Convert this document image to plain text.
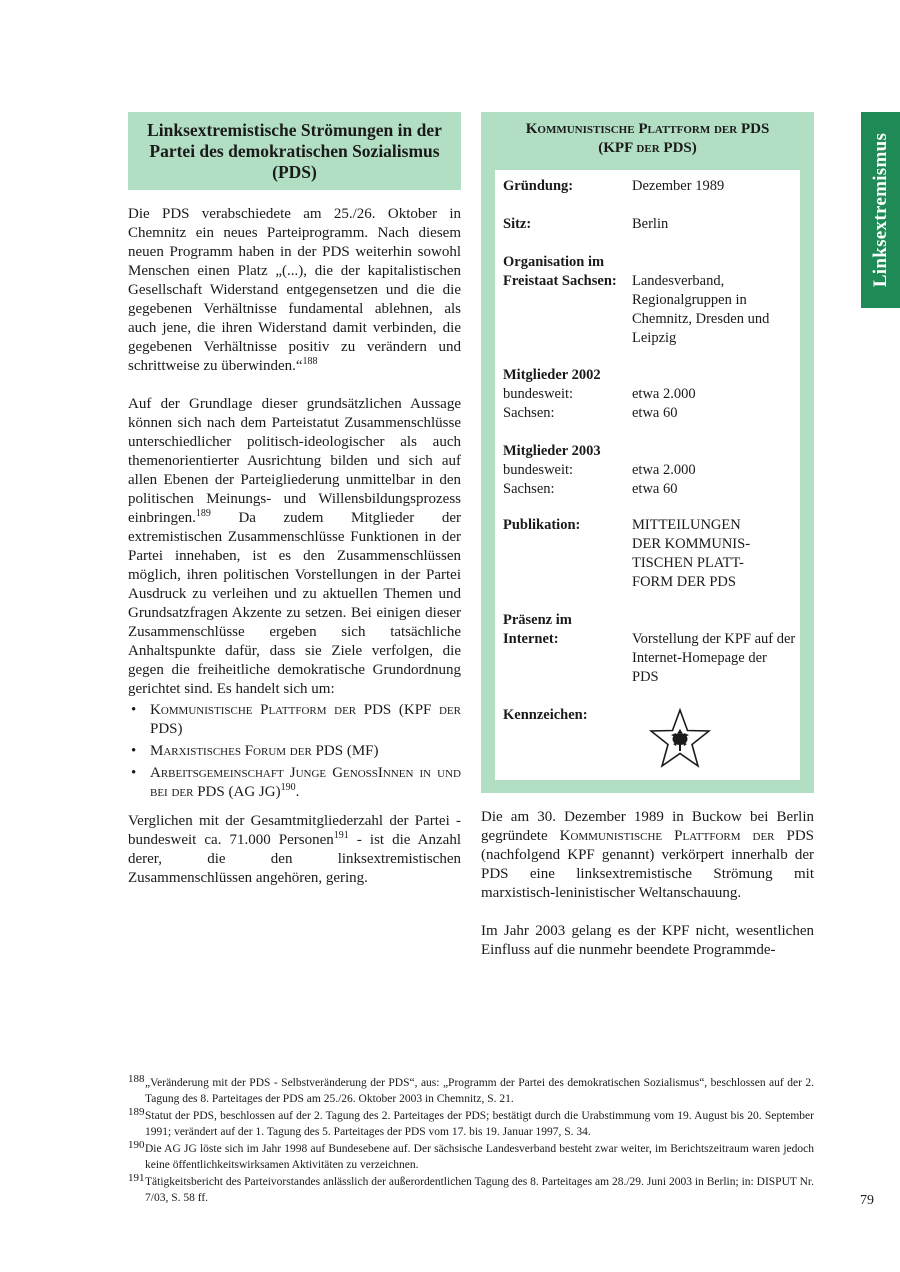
Linksextremistische Strömungen in der Partei des demokratischen Sozialismus (PDS)

Die PDS verabschiedete am 25./26. Oktober in Chemnitz ein neues Parteiprogramm. Nach diesem neuen Programm haben in der PDS weiterhin sowohl Menschen einen Platz „(...), die der kapitalistischen Gesellschaft Widerstand entgegensetzen und die die gegebenen Verhältnisse fundamental ablehnen, als auch jene, die ihren Widerstand damit verbinden, die gegebenen Verhältnisse positiv zu verändern und schrittweise zu überwinden.“$^{188}$

Auf der Grundlage dieser grundsätzlichen Aussage können sich nach dem Parteistatut Zusammenschlüsse unterschiedlicher politisch-ideologischer als auch themenorientierter Ausrichtung bilden und sich auf allen Ebenen der Parteigliederung unmittelbar in den politischen Meinungs- und Willensbildungsprozess einbringen.$^{189}$ Da zudem Mitglieder der extremistischen Zusammenschlüsse Funktionen in der Partei innehaben, ist es den Zusammenschlüssen möglich, ihren politischen Vorstellungen in der Partei Ausdruck zu verleihen und zu aktuellen Themen und Grundsatzfragen Akzente zu setzen. Bei einigen dieser Zusammenschlüsse ergeben sich tatsächliche Anhaltspunkte dafür, dass sie Ziele verfolgen, die gegen die freiheitliche demokratische Grundordnung gerichtet sind. Es handelt sich um:

• Kommunistische Plattform der PDS (KPF der PDS)
• Marxistisches Forum der PDS (MF)
• Arbeitsgemeinschaft Junge GenossInnen in und bei der PDS (AG JG)$^{190}$.

Verglichen mit der Gesamtmitgliederzahl der Partei - bundesweit ca. 71.000 Personen$^{191}$ - ist die Anzahl derer, die den linksextremistischen Zusammenschlüssen angehören, gering.

Kommunistische Plattform der PDS
(KPF der PDS)
Gründung:	Dezember 1989
Sitz:	Berlin
Organisation im Freistaat Sachsen:	Landesverband, Regionalgruppen in Chemnitz, Dresden und Leipzig
Mitglieder 2002
bundesweit:	etwa 2.000
Sachsen:	etwa 60
Mitglieder 2003
bundesweit:	etwa 2.000
Sachsen:	etwa 60
Publikation:	MITTEILUNGEN DER KOMMUNIS-TISCHEN PLATT-FORM DER PDS
Präsenz im Internet:	Vorstellung der KPF auf der Internet-Homepage der PDS
Kennzeichen:

Die am 30. Dezember 1989 in Buckow bei Berlin gegründete Kommunistische Plattform der PDS (nachfolgend KPF genannt) verkörpert innerhalb der PDS eine linksextremistische Strömung mit marxistisch-leninistischer Weltanschauung.

Im Jahr 2003 gelang es der KPF nicht, wesentlichen Einfluss auf die nunmehr beendete Programmde-

Linksextremismus
188 „Veränderung mit der PDS - Selbstveränderung der PDS“, aus: „Programm der Partei des demokratischen Sozialismus“, beschlossen auf der 2. Tagung des 8. Parteitages der PDS am 25./26. Oktober 2003 in Chemnitz, S. 21.
189 Statut der PDS, beschlossen auf der 2. Tagung des 2. Parteitages der PDS; bestätigt durch die Urabstimmung vom 19. August bis 20. September 1991; verändert auf der 1. Tagung des 5. Parteitages der PDS vom 17. bis 19. Januar 1997, S. 34.
190 Die AG JG löste sich im Jahr 1998 auf Bundesebene auf. Der sächsische Landesverband besteht zwar weiter, im Berichtszeitraum waren jedoch keine öffentlichkeitswirksamen Aktivitäten zu verzeichnen.
191 Tätigkeitsbericht des Parteivorstandes anlässlich der außerordentlichen Tagung des 8. Parteitages am 28./29. Juni 2003 in Berlin; in: DISPUT Nr. 7/03, S. 58 ff.	79
